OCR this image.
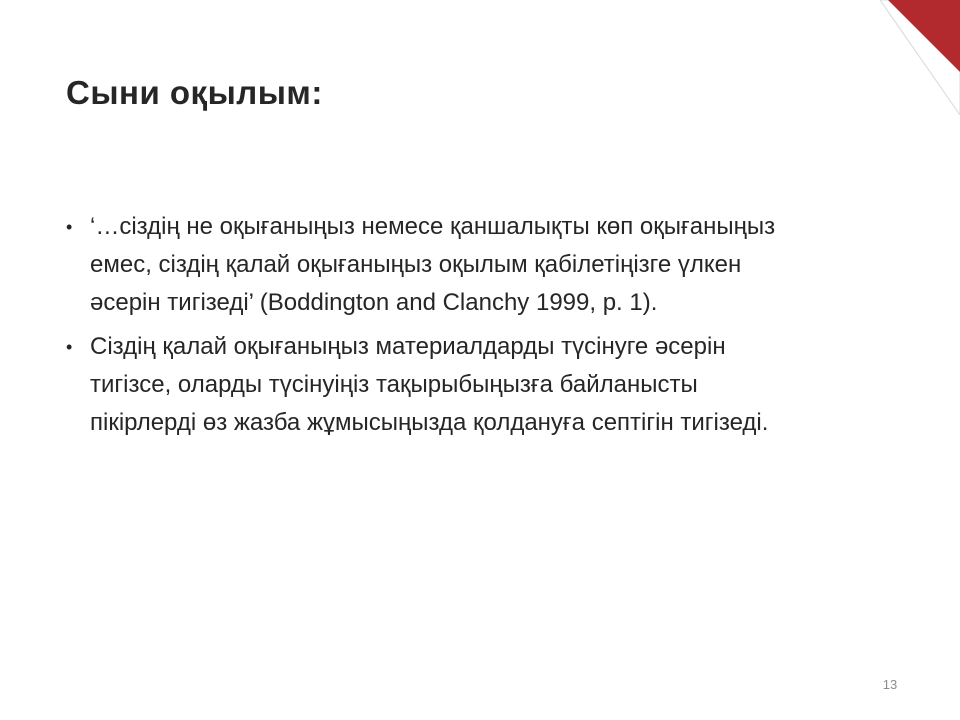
Сыни оқылым:
• ‘…сіздің не оқығаныңыз немесе қаншалықты көп оқығаныңыз емес, сіздің қалай оқығаныңыз оқылым қабілетіңізге үлкен әсерін тигізеді’ (Boddington and Clanchy 1999, p. 1).
• Сіздің қалай оқығаныңыз материалдарды түсінуге әсерін тигізсе, оларды түсінуіңіз тақырыбыңызға байланысты пікірлерді өз жазба жұмысыңызда қолдануға септігін тигізеді.
13
